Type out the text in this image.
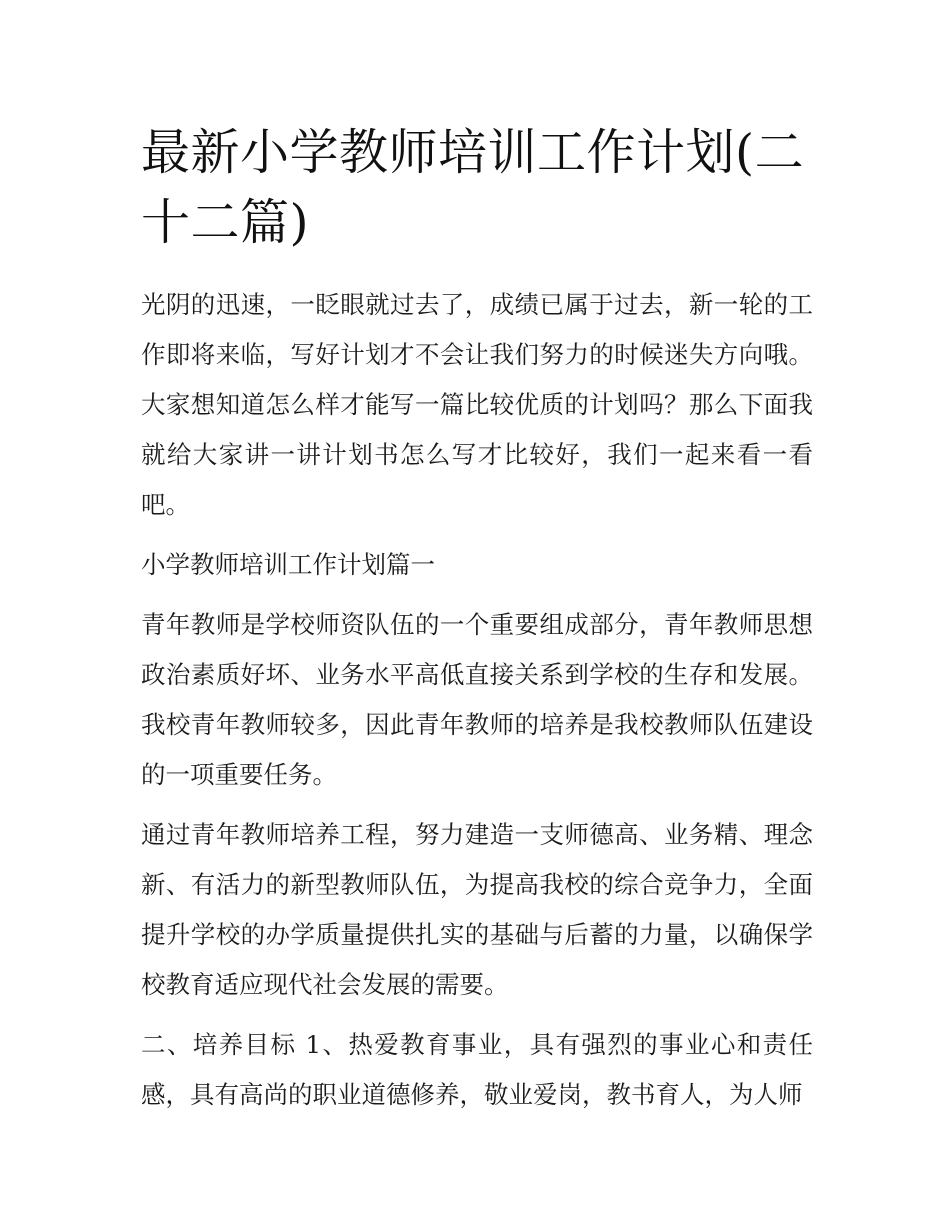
最新小学教师培训工作计划(二十二篇)

光阴的迅速，一眨眼就过去了，成绩已属于过去，新一轮的工作即将来临，写好计划才不会让我们努力的时候迷失方向哦。大家想知道怎么样才能写一篇比较优质的计划吗？那么下面我就给大家讲一讲计划书怎么写才比较好，我们一起来看一看吧。

小学教师培训工作计划篇一

青年教师是学校师资队伍的一个重要组成部分，青年教师思想政治素质好坏、业务水平高低直接关系到学校的生存和发展。我校青年教师较多，因此青年教师的培养是我校教师队伍建设的一项重要任务。

通过青年教师培养工程，努力建造一支师德高、业务精、理念新、有活力的新型教师队伍，为提高我校的综合竞争力，全面提升学校的办学质量提供扎实的基础与后蓄的力量，以确保学校教育适应现代社会发展的需要。

二、培养目标 1、热爱教育事业，具有强烈的事业心和责任感，具有高尚的职业道德修养，敬业爱岗，教书育人，为人师
